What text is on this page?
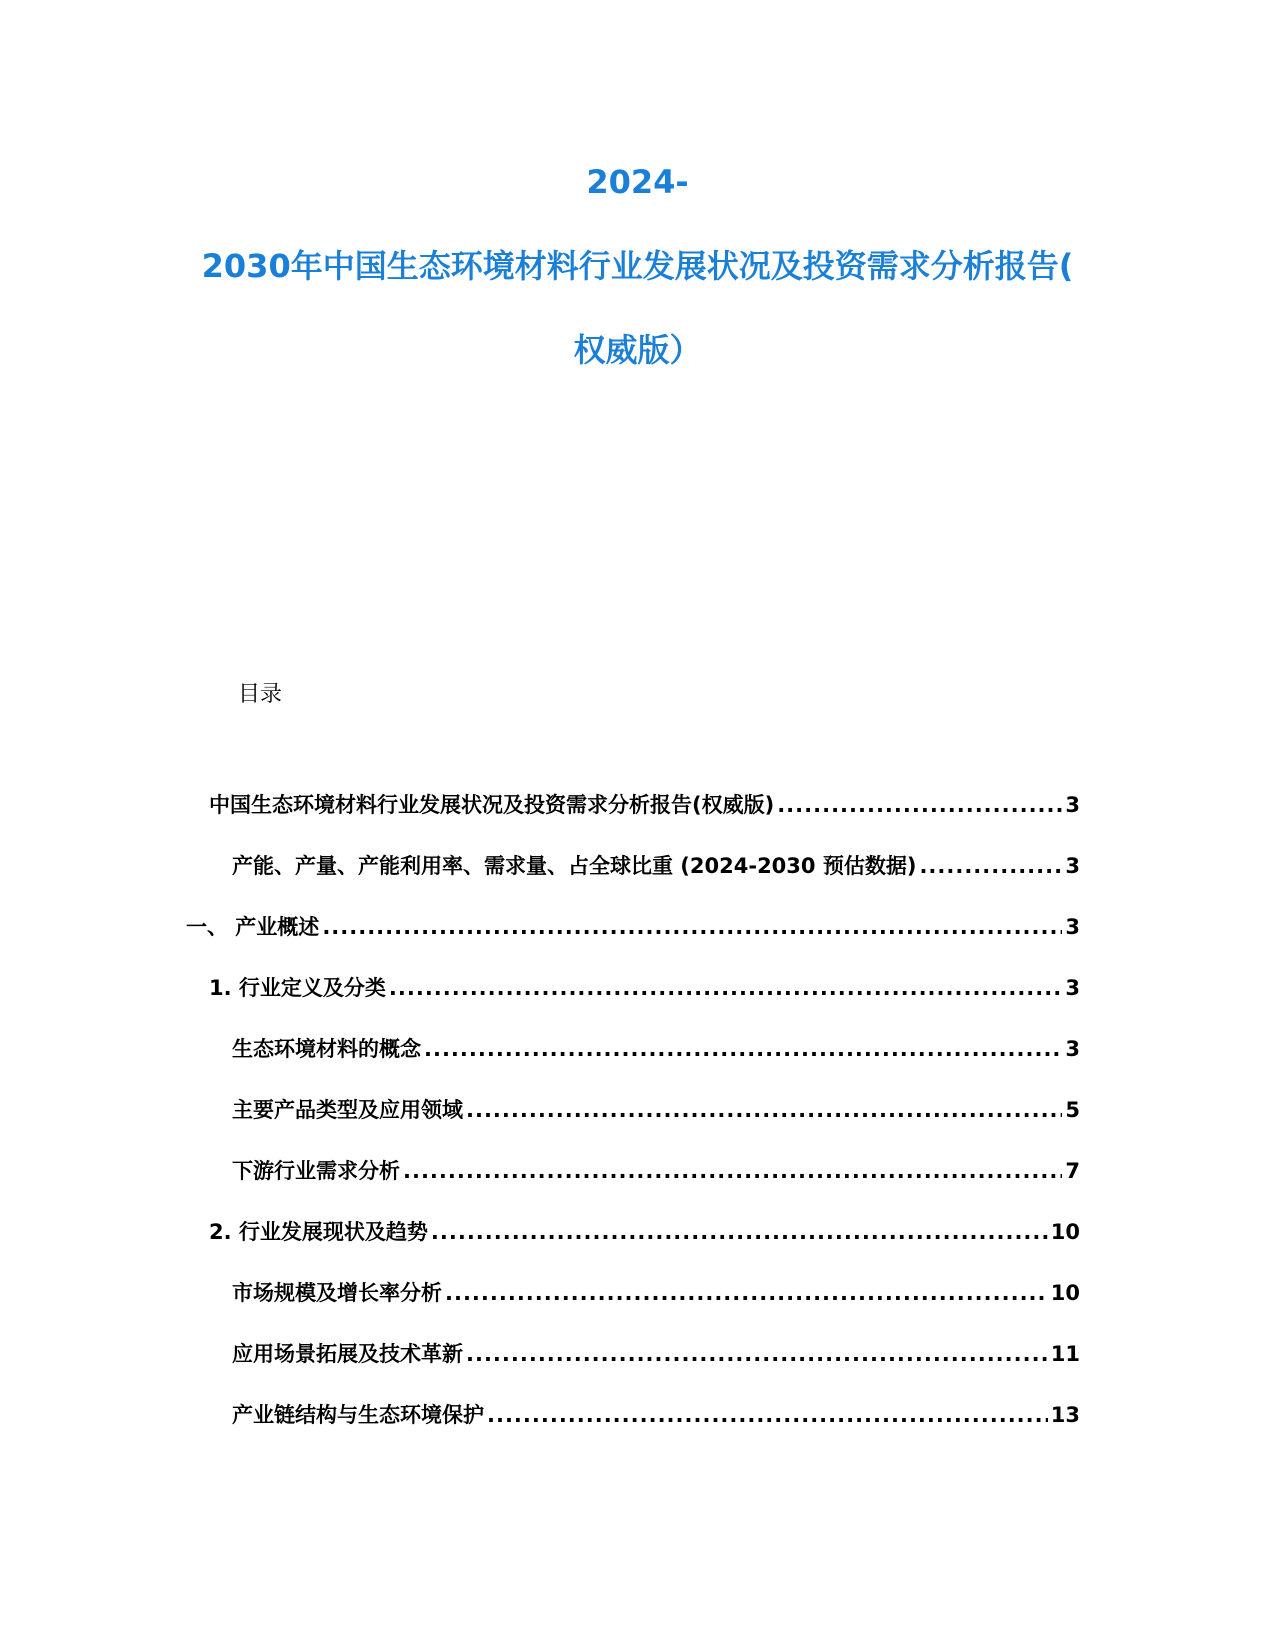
2024-
2030年中国生态环境材料行业发展状况及投资需求分析报告(
权威版）
目录
中国生态环境材料行业发展状况及投资需求分析报告(权威版) .....	3
产能、产量、产能利用率、需求量、占全球比重 (2024-2030 预估数据) .....	3
一、 产业概述 .....	3
1. 行业定义及分类 .....	3
生态环境材料的概念 .....	3
主要产品类型及应用领域 .....	5
下游行业需求分析 .....	7
2. 行业发展现状及趋势 .....	10
市场规模及增长率分析 .....	10
应用场景拓展及技术革新 .....	11
产业链结构与生态环境保护 .....	13
